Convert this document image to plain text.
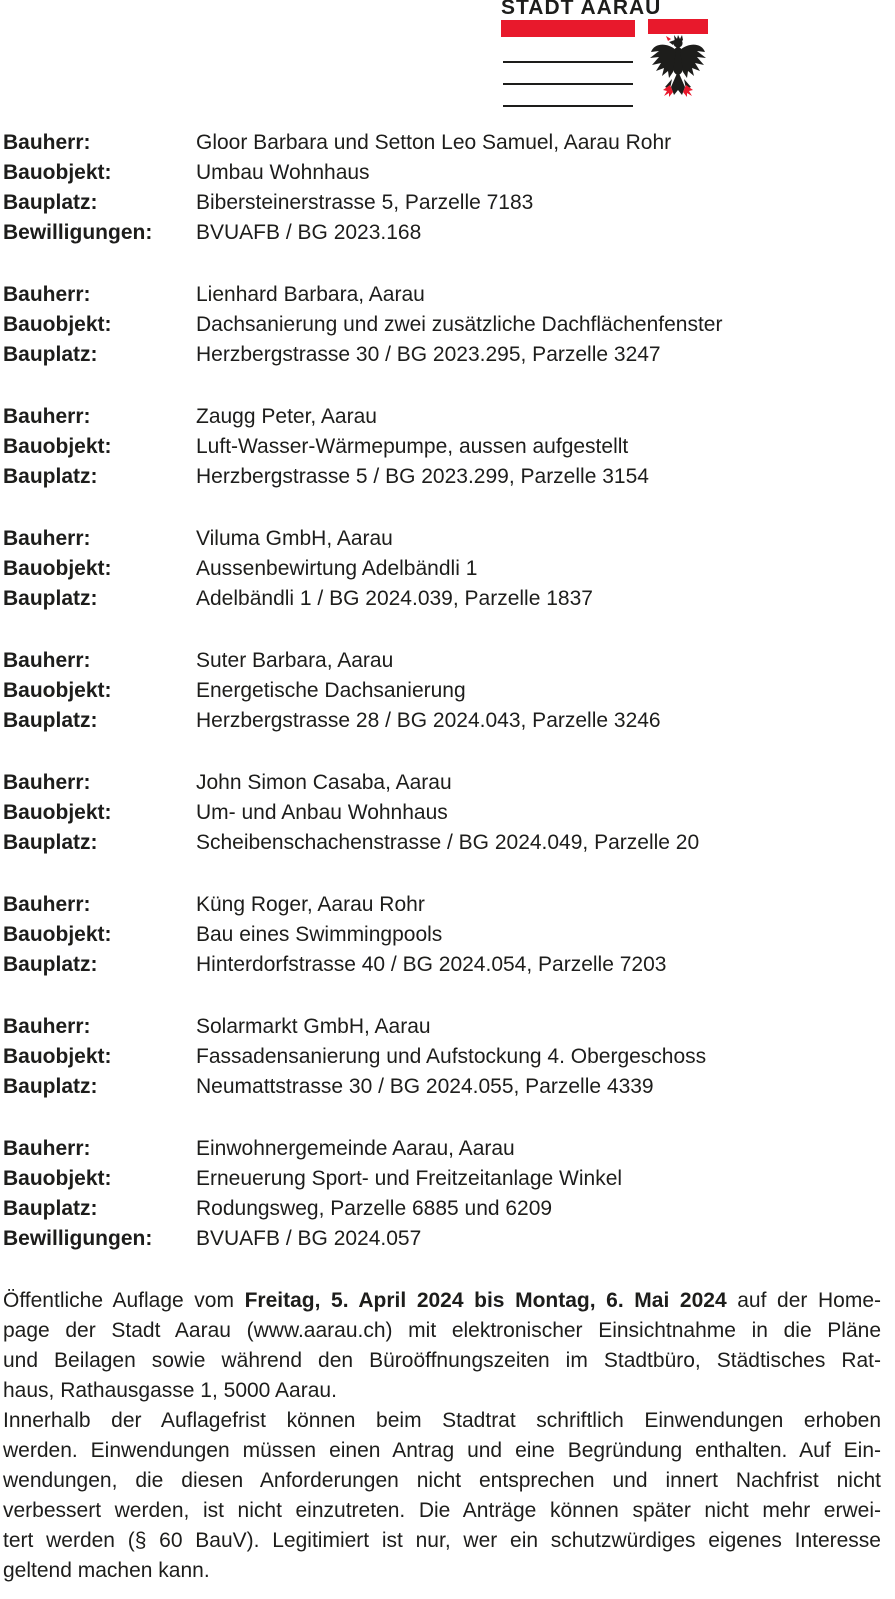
STADT AARAU
Bauherr:	Gloor Barbara und Setton Leo Samuel, Aarau Rohr
Bauobjekt:	Umbau Wohnhaus
Bauplatz:	Bibersteinerstrasse 5, Parzelle 7183
Bewilligungen:	BVUAFB / BG 2023.168
Bauherr:	Lienhard Barbara, Aarau
Bauobjekt:	Dachsanierung und zwei zusätzliche Dachflächenfenster
Bauplatz:	Herzbergstrasse 30 / BG 2023.295, Parzelle 3247
Bauherr:	Zaugg Peter, Aarau
Bauobjekt:	Luft-Wasser-Wärmepumpe, aussen aufgestellt
Bauplatz:	Herzbergstrasse 5 / BG 2023.299, Parzelle 3154
Bauherr:	Viluma GmbH, Aarau
Bauobjekt:	Aussenbewirtung Adelbändli 1
Bauplatz:	Adelbändli 1 / BG 2024.039, Parzelle 1837
Bauherr:	Suter Barbara, Aarau
Bauobjekt:	Energetische Dachsanierung
Bauplatz:	Herzbergstrasse 28 / BG 2024.043, Parzelle 3246
Bauherr:	John Simon Casaba, Aarau
Bauobjekt:	Um- und Anbau Wohnhaus
Bauplatz:	Scheibenschachenstrasse / BG 2024.049, Parzelle 20
Bauherr:	Küng Roger, Aarau Rohr
Bauobjekt:	Bau eines Swimmingpools
Bauplatz:	Hinterdorfstrasse 40 / BG 2024.054, Parzelle 7203
Bauherr:	Solarmarkt GmbH, Aarau
Bauobjekt:	Fassadensanierung und Aufstockung 4. Obergeschoss
Bauplatz:	Neumattstrasse 30 / BG 2024.055, Parzelle 4339
Bauherr:	Einwohnergemeinde Aarau, Aarau
Bauobjekt:	Erneuerung Sport- und Freitzeitanlage Winkel
Bauplatz:	Rodungsweg, Parzelle 6885 und 6209
Bewilligungen:	BVUAFB / BG 2024.057
Öffentliche Auflage vom Freitag, 5. April 2024 bis Montag, 6. Mai 2024 auf der Home-
page der Stadt Aarau (www.aarau.ch) mit elektronischer Einsichtnahme in die Pläne
und Beilagen sowie während den Büroöffnungszeiten im Stadtbüro, Städtisches Rat-
haus, Rathausgasse 1, 5000 Aarau.
Innerhalb der Auflagefrist können beim Stadtrat schriftlich Einwendungen erhoben
werden. Einwendungen müssen einen Antrag und eine Begründung enthalten. Auf Ein-
wendungen, die diesen Anforderungen nicht entsprechen und innert Nachfrist nicht
verbessert werden, ist nicht einzutreten. Die Anträge können später nicht mehr erwei-
tert werden (§ 60 BauV). Legitimiert ist nur, wer ein schutzwürdiges eigenes Interesse
geltend machen kann.
